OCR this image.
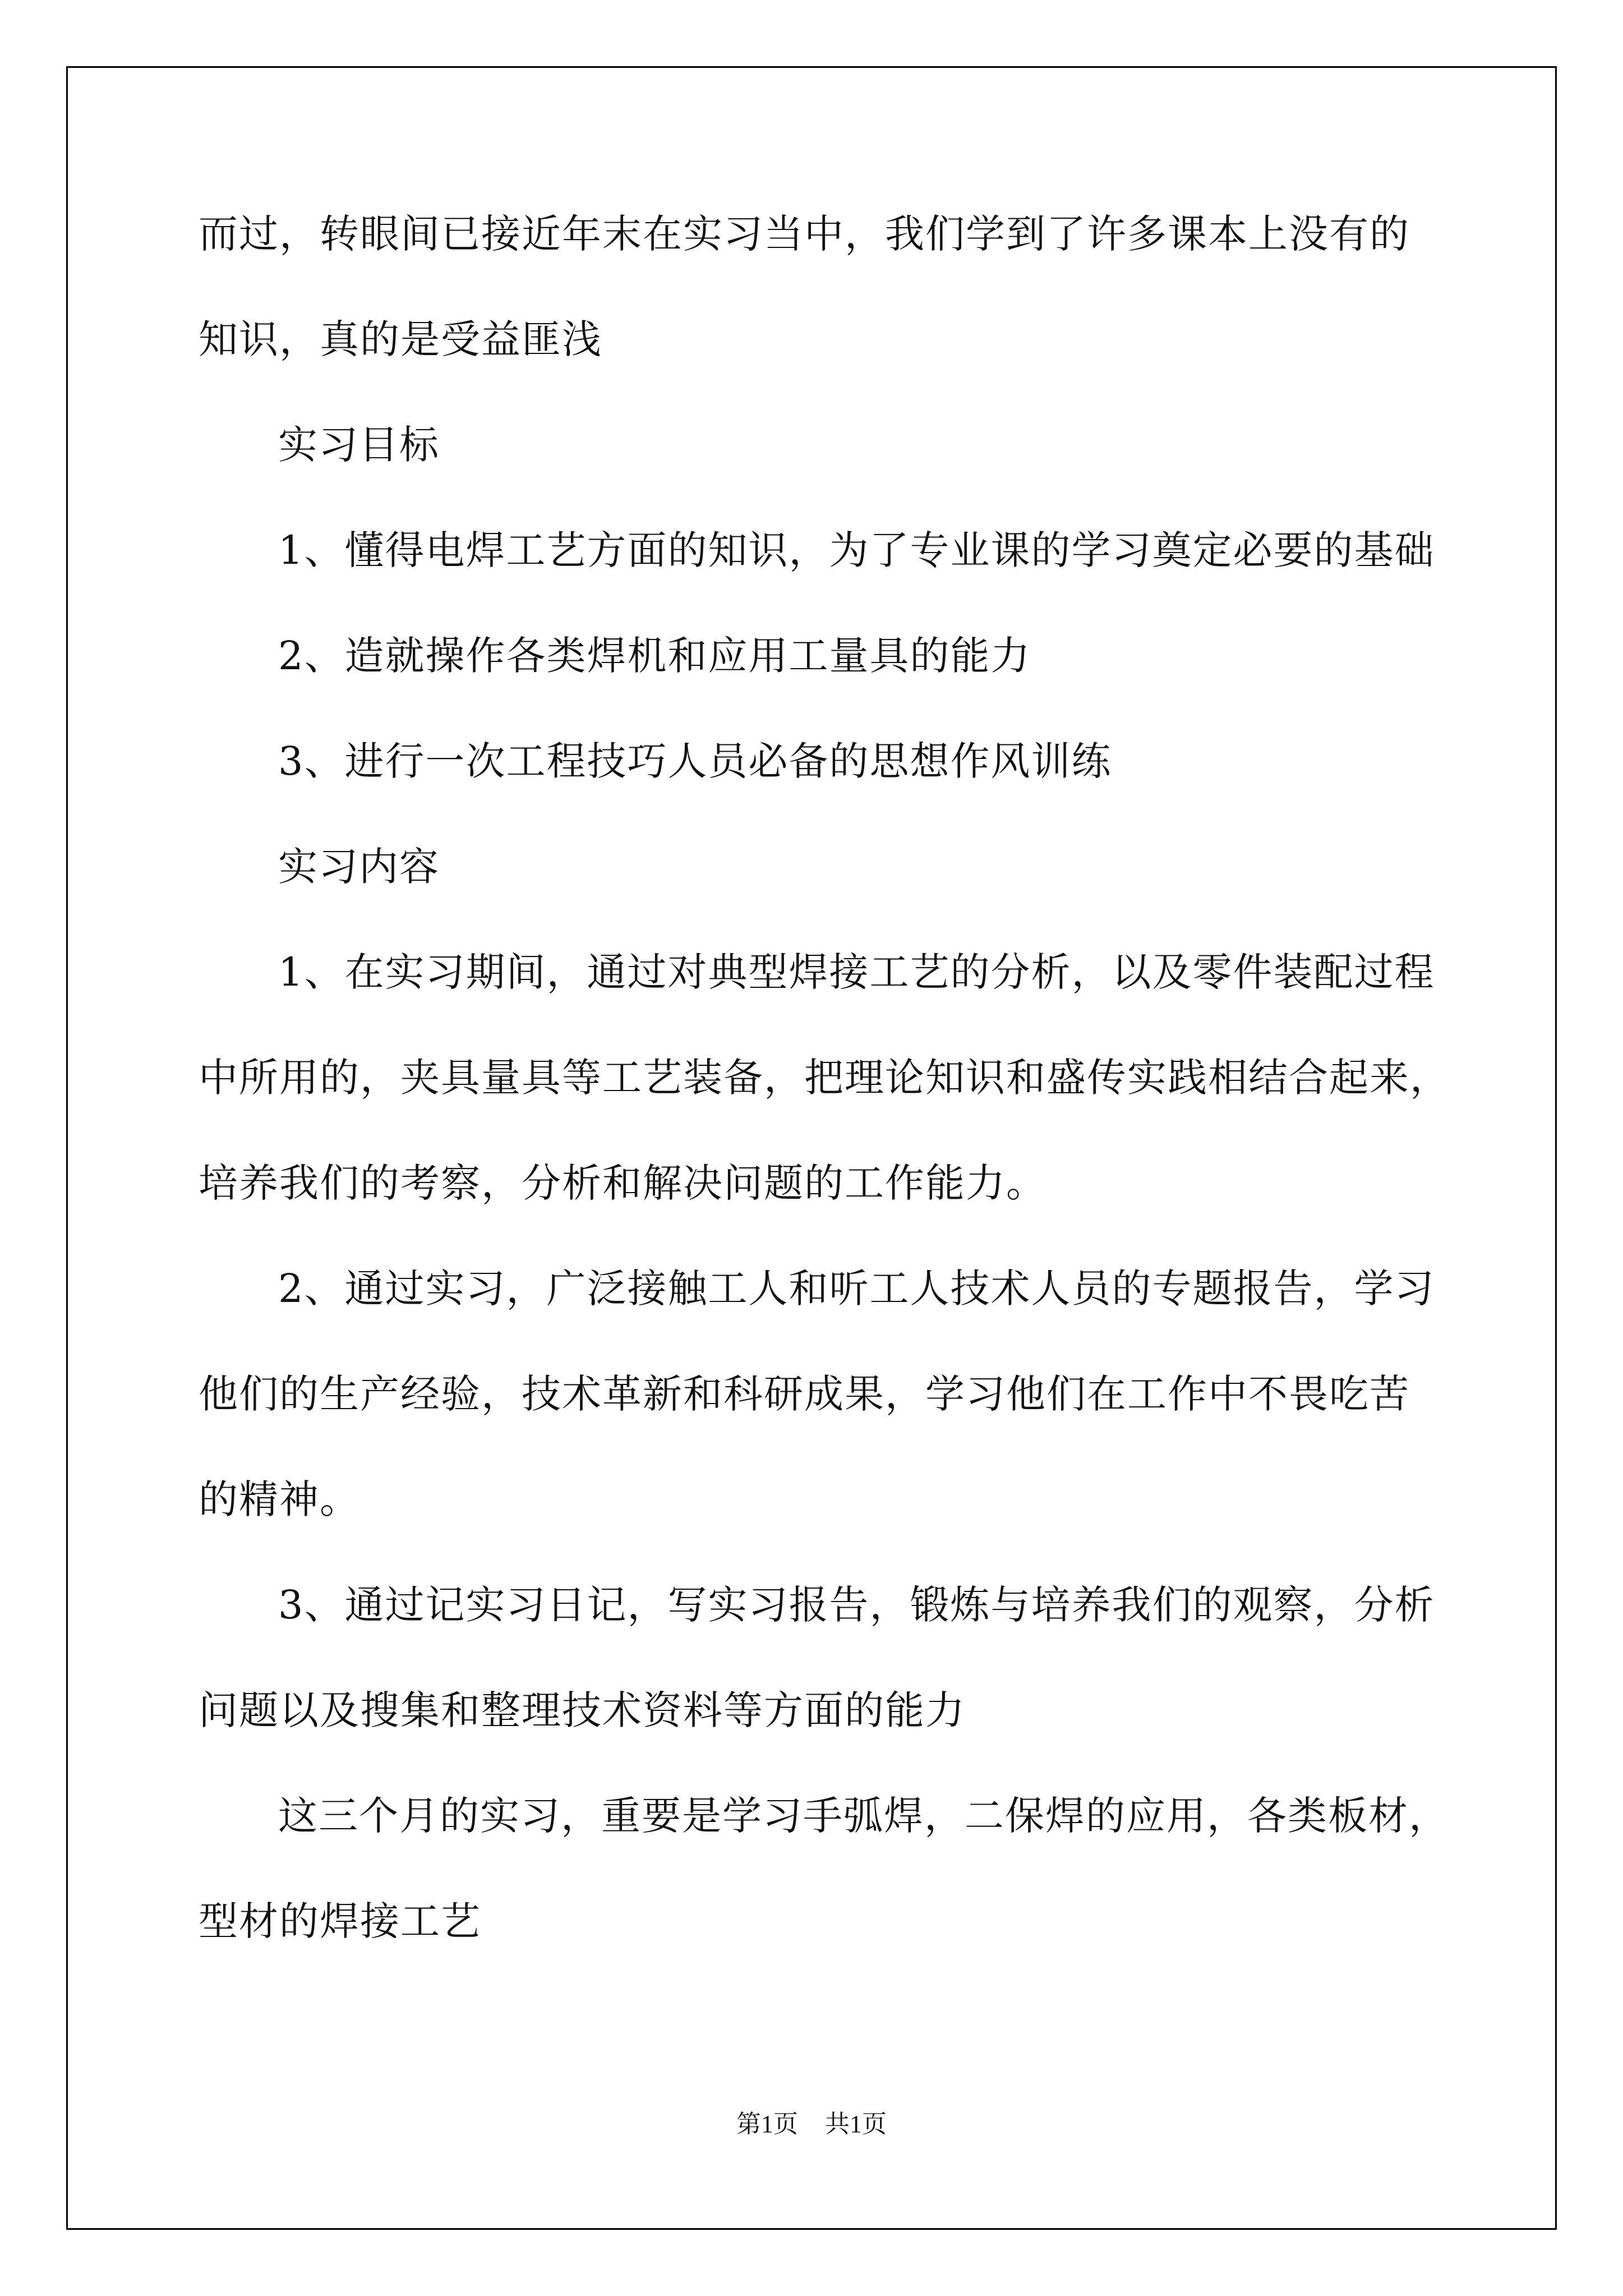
而过，转眼间已接近年末在实习当中，我们学到了许多课本上没有的
知识，真的是受益匪浅
实习目标
1、懂得电焊工艺方面的知识，为了专业课的学习奠定必要的基础
2、造就操作各类焊机和应用工量具的能力
3、进行一次工程技巧人员必备的思想作风训练
实习内容
1、在实习期间，通过对典型焊接工艺的分析，以及零件装配过程
中所用的，夹具量具等工艺装备，把理论知识和盛传实践相结合起来，
培养我们的考察，分析和解决问题的工作能力。
2、通过实习，广泛接触工人和听工人技术人员的专题报告，学习
他们的生产经验，技术革新和科研成果，学习他们在工作中不畏吃苦
的精神。
3、通过记实习日记，写实习报告，锻炼与培养我们的观察，分析
问题以及搜集和整理技术资料等方面的能力
这三个月的实习，重要是学习手弧焊，二保焊的应用，各类板材，
型材的焊接工艺
第1页 共1页
